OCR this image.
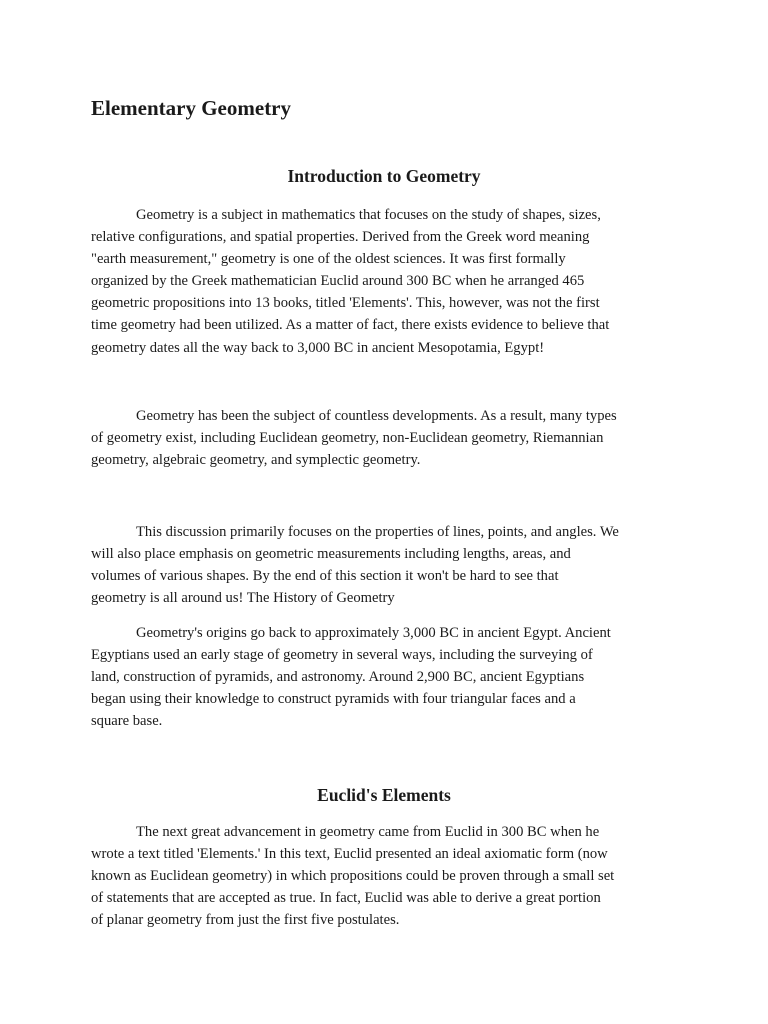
Elementary Geometry
Introduction to Geometry

Geometry is a subject in mathematics that focuses on the study of shapes, sizes,
relative configurations, and spatial properties. Derived from the Greek word meaning
"earth measurement," geometry is one of the oldest sciences. It was first formally
organized by the Greek mathematician Euclid around 300 BC when he arranged 465
geometric propositions into 13 books, titled 'Elements'. This, however, was not the first
time geometry had been utilized. As a matter of fact, there exists evidence to believe that
geometry dates all the way back to 3,000 BC in ancient Mesopotamia, Egypt!

Geometry has been the subject of countless developments. As a result, many types
of geometry exist, including Euclidean geometry, non-Euclidean geometry, Riemannian
geometry, algebraic geometry, and symplectic geometry.

This discussion primarily focuses on the properties of lines, points, and angles. We
will also place emphasis on geometric measurements including lengths, areas, and
volumes of various shapes. By the end of this section it won't be hard to see that
geometry is all around us! The History of Geometry

Geometry's origins go back to approximately 3,000 BC in ancient Egypt. Ancient
Egyptians used an early stage of geometry in several ways, including the surveying of
land, construction of pyramids, and astronomy. Around 2,900 BC, ancient Egyptians
began using their knowledge to construct pyramids with four triangular faces and a
square base.

Euclid's Elements

The next great advancement in geometry came from Euclid in 300 BC when he
wrote a text titled 'Elements.' In this text, Euclid presented an ideal axiomatic form (now
known as Euclidean geometry) in which propositions could be proven through a small set
of statements that are accepted as true. In fact, Euclid was able to derive a great portion
of planar geometry from just the first five postulates.
